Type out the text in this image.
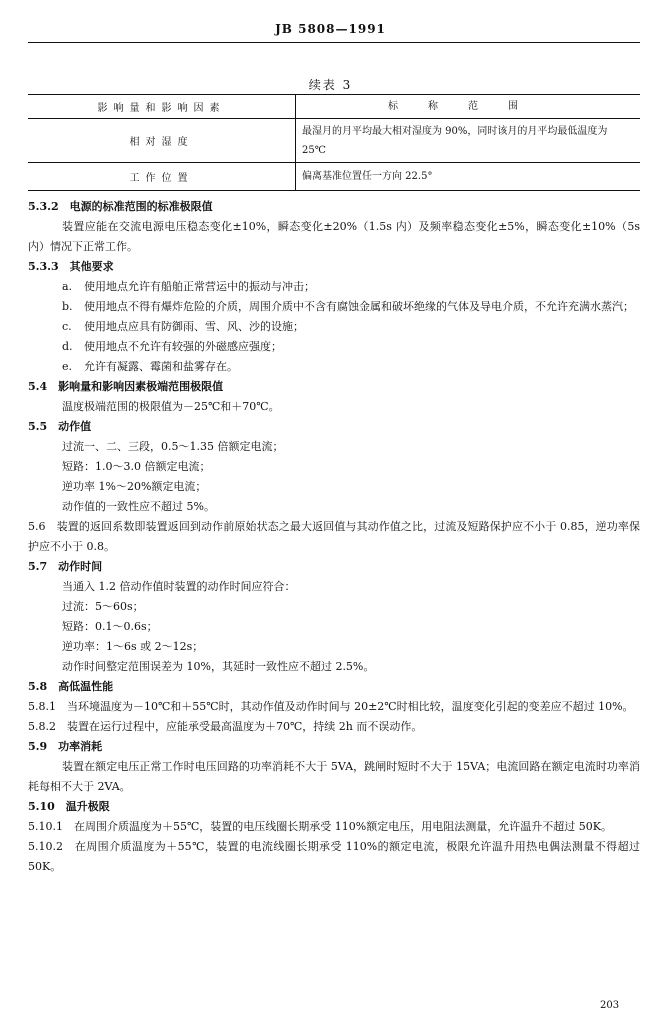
JB 5808—1991
续表 3
影响量和影响因素	标称范围
相对湿度	最湿月的月平均最大相对湿度为 90%，同时该月的月平均最低温度为 25℃
工作位置	偏离基准位置任一方向 22.5°

5.3.2　电源的标准范围的标准极限值

装置应能在交流电源电压稳态变化±10%，瞬态变化±20%（1.5s 内）及频率稳态变化±5%，瞬态变化±10%（5s 内）情况下正常工作。

5.3.3　其他要求

a. 使用地点允许有船舶正常营运中的振动与冲击；

b. 使用地点不得有爆炸危险的介质，周围介质中不含有腐蚀金属和破坏绝缘的气体及导电介质，不允许充满水蒸汽；

c. 使用地点应具有防御雨、雪、风、沙的设施；

d. 使用地点不允许有较强的外磁感应强度；

e. 允许有凝露、霉菌和盐雾存在。

5.4　影响量和影响因素极端范围极限值

温度极端范围的极限值为－25℃和＋70℃。

5.5　动作值

过流一、二、三段，0.5～1.35 倍额定电流；

短路：1.0～3.0 倍额定电流；

逆功率 1%～20%额定电流；

动作值的一致性应不超过 5%。

5.6　装置的返回系数即装置返回到动作前原始状态之最大返回值与其动作值之比，过流及短路保护应不小于 0.85，逆功率保护应不小于 0.8。

5.7　动作时间

当通入 1.2 倍动作值时装置的动作时间应符合：

过流：5～60s；

短路：0.1～0.6s；

逆功率：1～6s 或 2～12s；

动作时间整定范围误差为 10%，其延时一致性应不超过 2.5%。

5.8　高低温性能

5.8.1　当环境温度为－10℃和＋55℃时，其动作值及动作时间与 20±2℃时相比较，温度变化引起的变差应不超过 10%。

5.8.2　装置在运行过程中，应能承受最高温度为＋70℃，持续 2h 而不误动作。

5.9　功率消耗

装置在额定电压正常工作时电压回路的功率消耗不大于 5VA，跳闸时短时不大于 15VA；电流回路在额定电流时功率消耗每相不大于 2VA。

5.10　温升极限

5.10.1　在周围介质温度为＋55℃，装置的电压线圈长期承受 110%额定电压，用电阻法测量，允许温升不超过 50K。

5.10.2　在周围介质温度为＋55℃，装置的电流线圈长期承受 110%的额定电流，极限允许温升用热电偶法测量不得超过 50K。

203
